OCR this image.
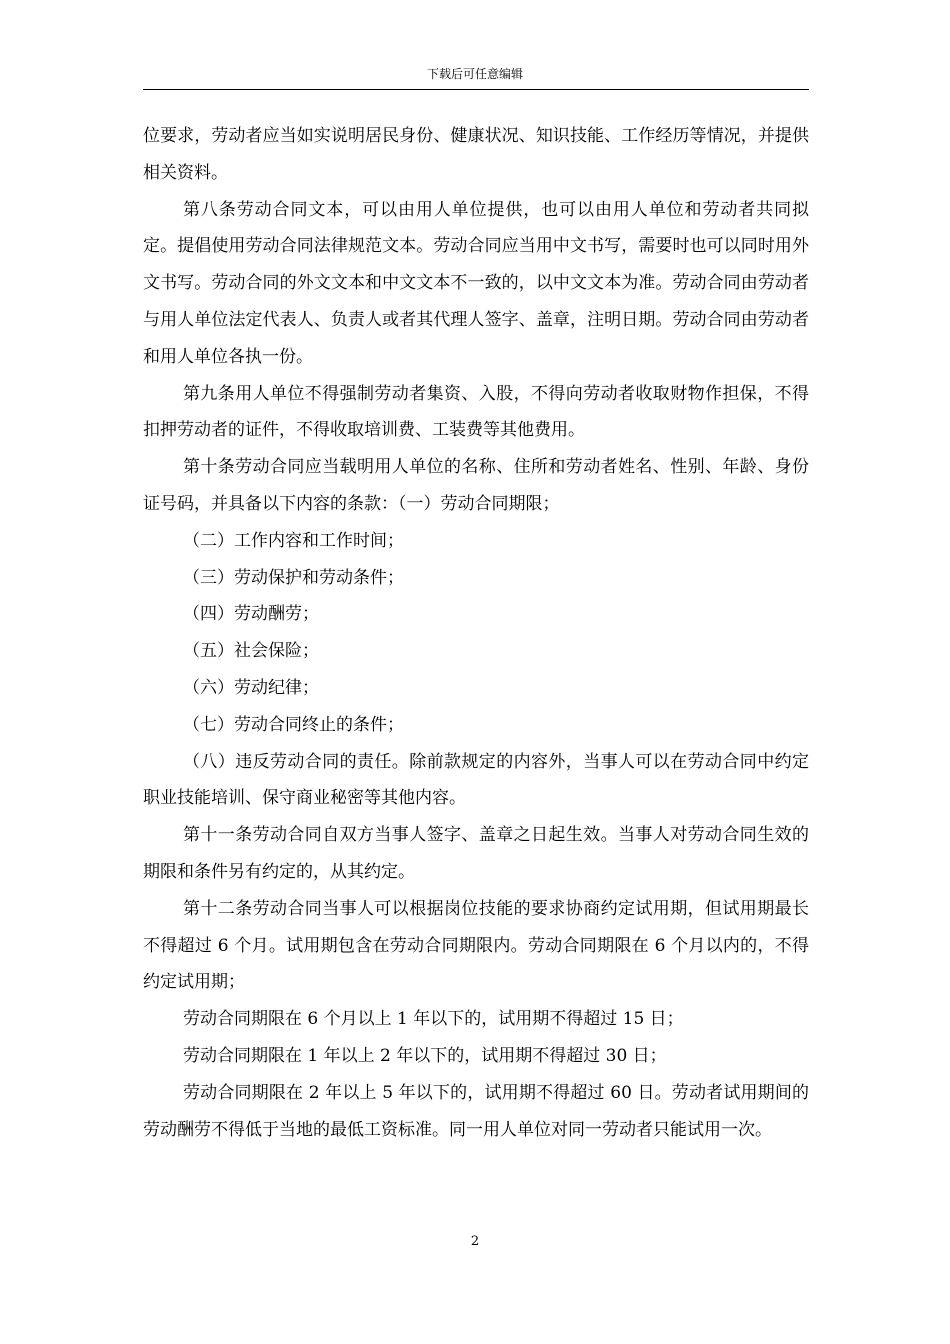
下载后可任意编辑

位要求，劳动者应当如实说明居民身份、健康状况、知识技能、工作经历等情况，并提供相关资料。

第八条劳动合同文本，可以由用人单位提供，也可以由用人单位和劳动者共同拟定。提倡使用劳动合同法律规范文本。劳动合同应当用中文书写，需要时也可以同时用外文书写。劳动合同的外文文本和中文文本不一致的，以中文文本为准。劳动合同由劳动者与用人单位法定代表人、负责人或者其代理人签字、盖章，注明日期。劳动合同由劳动者和用人单位各执一份。

第九条用人单位不得强制劳动者集资、入股，不得向劳动者收取财物作担保，不得扣押劳动者的证件，不得收取培训费、工装费等其他费用。

第十条劳动合同应当载明用人单位的名称、住所和劳动者姓名、性别、年龄、身份证号码，并具备以下内容的条款：（一）劳动合同期限；

（二）工作内容和工作时间；

（三）劳动保护和劳动条件；

（四）劳动酬劳；

（五）社会保险；

（六）劳动纪律；

（七）劳动合同终止的条件；

（八）违反劳动合同的责任。除前款规定的内容外，当事人可以在劳动合同中约定职业技能培训、保守商业秘密等其他内容。

第十一条劳动合同自双方当事人签字、盖章之日起生效。当事人对劳动合同生效的期限和条件另有约定的，从其约定。

第十二条劳动合同当事人可以根据岗位技能的要求协商约定试用期，但试用期最长不得超过 6 个月。试用期包含在劳动合同期限内。劳动合同期限在 6 个月以内的，不得约定试用期；

劳动合同期限在 6 个月以上 1 年以下的，试用期不得超过 15 日；

劳动合同期限在 1 年以上 2 年以下的，试用期不得超过 30 日；

劳动合同期限在 2 年以上 5 年以下的，试用期不得超过 60 日。劳动者试用期间的劳动酬劳不得低于当地的最低工资标准。同一用人单位对同一劳动者只能试用一次。

2
